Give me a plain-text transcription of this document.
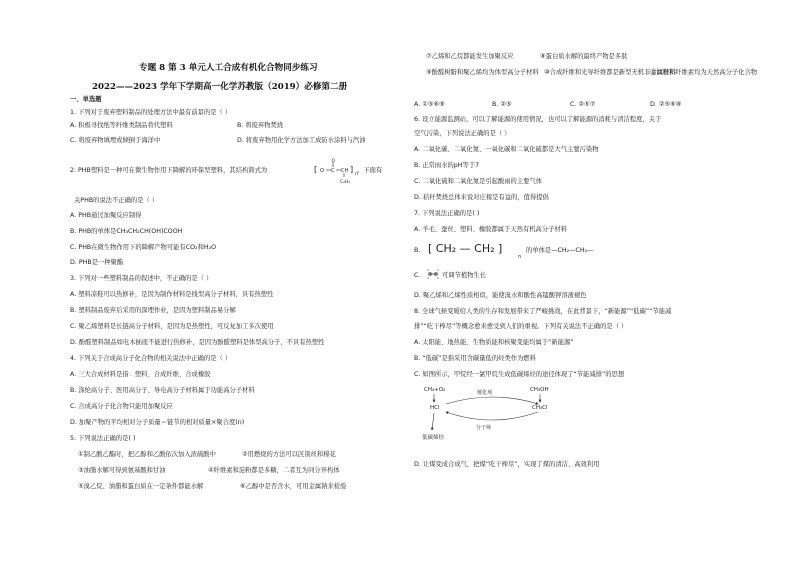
专题 8 第 3 单元人工合成有机化合物同步练习
2022——2023 学年下学期高一化学苏教版（2019）必修第二册
一、单选题
1. 下列对于废弃塑料制品的处理方法中最有前景的是（ ）
A. 积极寻找纸等纤维类制品替代塑料	B. 将废弃物焚烧
C. 将废弃物填埋或倾倒于海洋中	D. 将废弃物用化学方法加工成防水涂料与汽油
2. PHB塑料是一种可在微生物作用下降解的环保型塑料，其结构简式为	[ O C
O
CH
C₂H₅
]
n
。下面有
关PHB的说法不正确的是（ ）
A. PHB通过加聚反应制得
B. PHB的单体是CH₃CH₂CH(OH)COOH
C. PHB在微生物作用下的降解产物可能有CO₂和H₂O
D. PHB是一种聚酯
3. 下列对一些塑料制品的叙述中，不正确的是（ ）
A. 塑料凉鞋可以热修补，是因为制作材料是线型高分子材料，具有热塑性
B. 塑料制品废弃后采用的深埋作业，是因为塑料制品易分解
C. 聚乙烯塑料是长链高分子材料，是因为是热塑性，可反复加工多次使用
D. 酚醛塑料制品如电木插座不能进行热修补，是因为酚醛塑料是体型高分子，不具有热塑性
4. 下列关于合成高分子化合物的相关说法中正确的是（ ）
A. 三大合成材料是指：塑料、合成纤维、合成橡胶
B. 涤纶高分子、医用高分子、导电高分子材料属于功能高分子材料
C. 合成高分子化合物只能用加聚反应
D. 加聚产物的平均相对分子质量＝链节的相对质量×聚合度(n)
5. 下列说法正确的是( )
①制乙酸乙酯时，把乙醇和乙酸依次加入浓硫酸中	②用燃烧的方法可以区别丝和棉花
③油脂水解可得到氨基酸和甘油	④纤维素和淀粉都是多糖，二者互为同分异构体
⑤溴乙烷、油脂和蛋白质在一定条件都能水解	⑥乙醇中是否含水，可用金属钠来检验
⑦乙烯和乙烷都能发生加聚反应	⑧蛋白质水解的最终产物是多肽
⑨酚醛树脂和聚乙烯均为体型高分子材料 ⑩合成纤维和光导纤维都是新型无机非金属材料
⑪油脂和纤维素均为天然高分子化合物
A. ①⑤⑥⑨	B. ②⑤	C. ②⑤⑦	D. ②⑤⑥⑧
6. 设立能源监测站，可以了解能源的使用情况，也可以了解能源的消耗与清洁程度，关于
空气污染，下列说法正确的是（ ）
A. 二氧化碳、二氧化氮、一氧化碳和二氧化硫都是大气主要污染物
B. 正常雨水的pH等于7
C. 二氧化硫和二氧化氮是引起酸雨的主要气体
D. 秸秆焚烧总体来说对庄稼是有益的，值得提倡
7. 下列说法正确的是( )
A. 羊毛、蚕丝、塑料、橡胶都属于天然有机高分子材料
B. [ CH₂ — CH₂ ]
n
的单体是—CH₂—CH₂—
C.	可调节植物生长
D. 聚乙烯和乙烯性质相似，能使溴水和酸性高锰酸钾溶液褪色
8. 全球气候变暖给人类的生存和发展带来了严峻挑战，在此背景下，“新能源”“低碳”“节能减
排”“吃干榨尽”等概念愈来愈受到人们的重视。下列有关说法不正确的是（ ）
A. 太阳能、地热能、生物质能和核聚变能均属于“新能源”
B. “低碳”是指采用含碳量低的烃类作为燃料
C. 如图所示，甲烷经一氯甲烷生成低碳烯烃的途径体现了“节能减排”的思想
CH₄+O₂
HCl
催化剂	CH₃OH
CH₃Cl
分子筛
低碳烯烃
D. 让煤变成合成气，把煤“吃干榨尽”，实现了煤的清洁、高效利用
